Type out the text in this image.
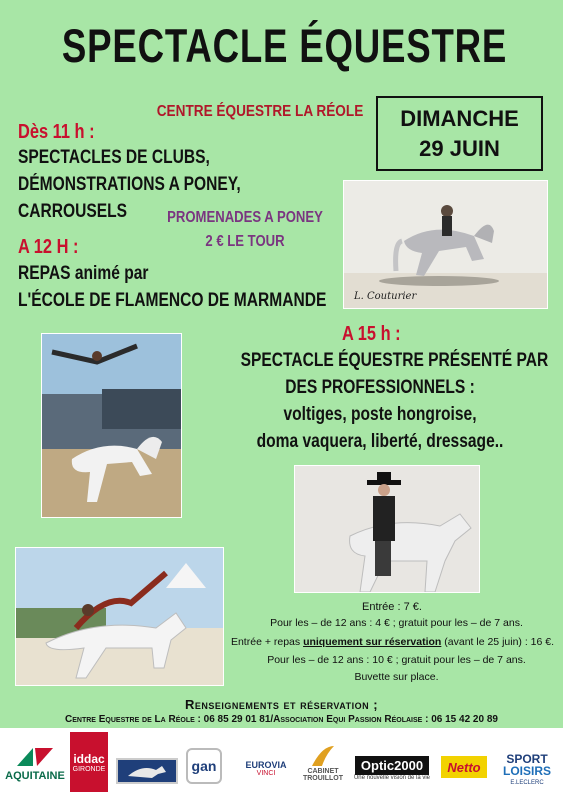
SPECTACLE ÉQUESTRE
CENTRE ÉQUESTRE LA RÉOLE	DIMANCHE
29 JUIN
Dès 11 h :
SPECTACLES DE CLUBS,
DÉMONSTRATIONS A PONEY,
CARROUSELS	PROMENADES A PONEY
2 € LE TOUR
A 12 H :
REPAS animé par
L'ÉCOLE DE FLAMENCO DE MARMANDE
A 15 h :
SPECTACLE ÉQUESTRE PRÉSENTÉ PAR
DES PROFESSIONNELS :
voltiges, poste hongroise,
doma vaquera, liberté, dressage..
L. Couturier
Entrée : 7 €.
Pour les – de 12 ans : 4 € ; gratuit pour les – de 7 ans.
Entrée + repas uniquement sur réservation (avant le 25 juin) : 16 €.
Pour les – de 12 ans : 10 € ; gratuit pour les – de 7 ans.
Buvette sur place.
Renseignements et réservation ;
Centre Equestre de La Réole : 06 85 29 01 81/Association Equi Passion Réolaise : 06 15 42 20 89
AQUITAINE
iddac
GIRONDE	gan	EUROVIA
VINCI	CABINET
TROUILLOT
Optic2000
Une nouvelle vision de la vie
Netto
SPORT
LOISIRS
E.LECLERC
